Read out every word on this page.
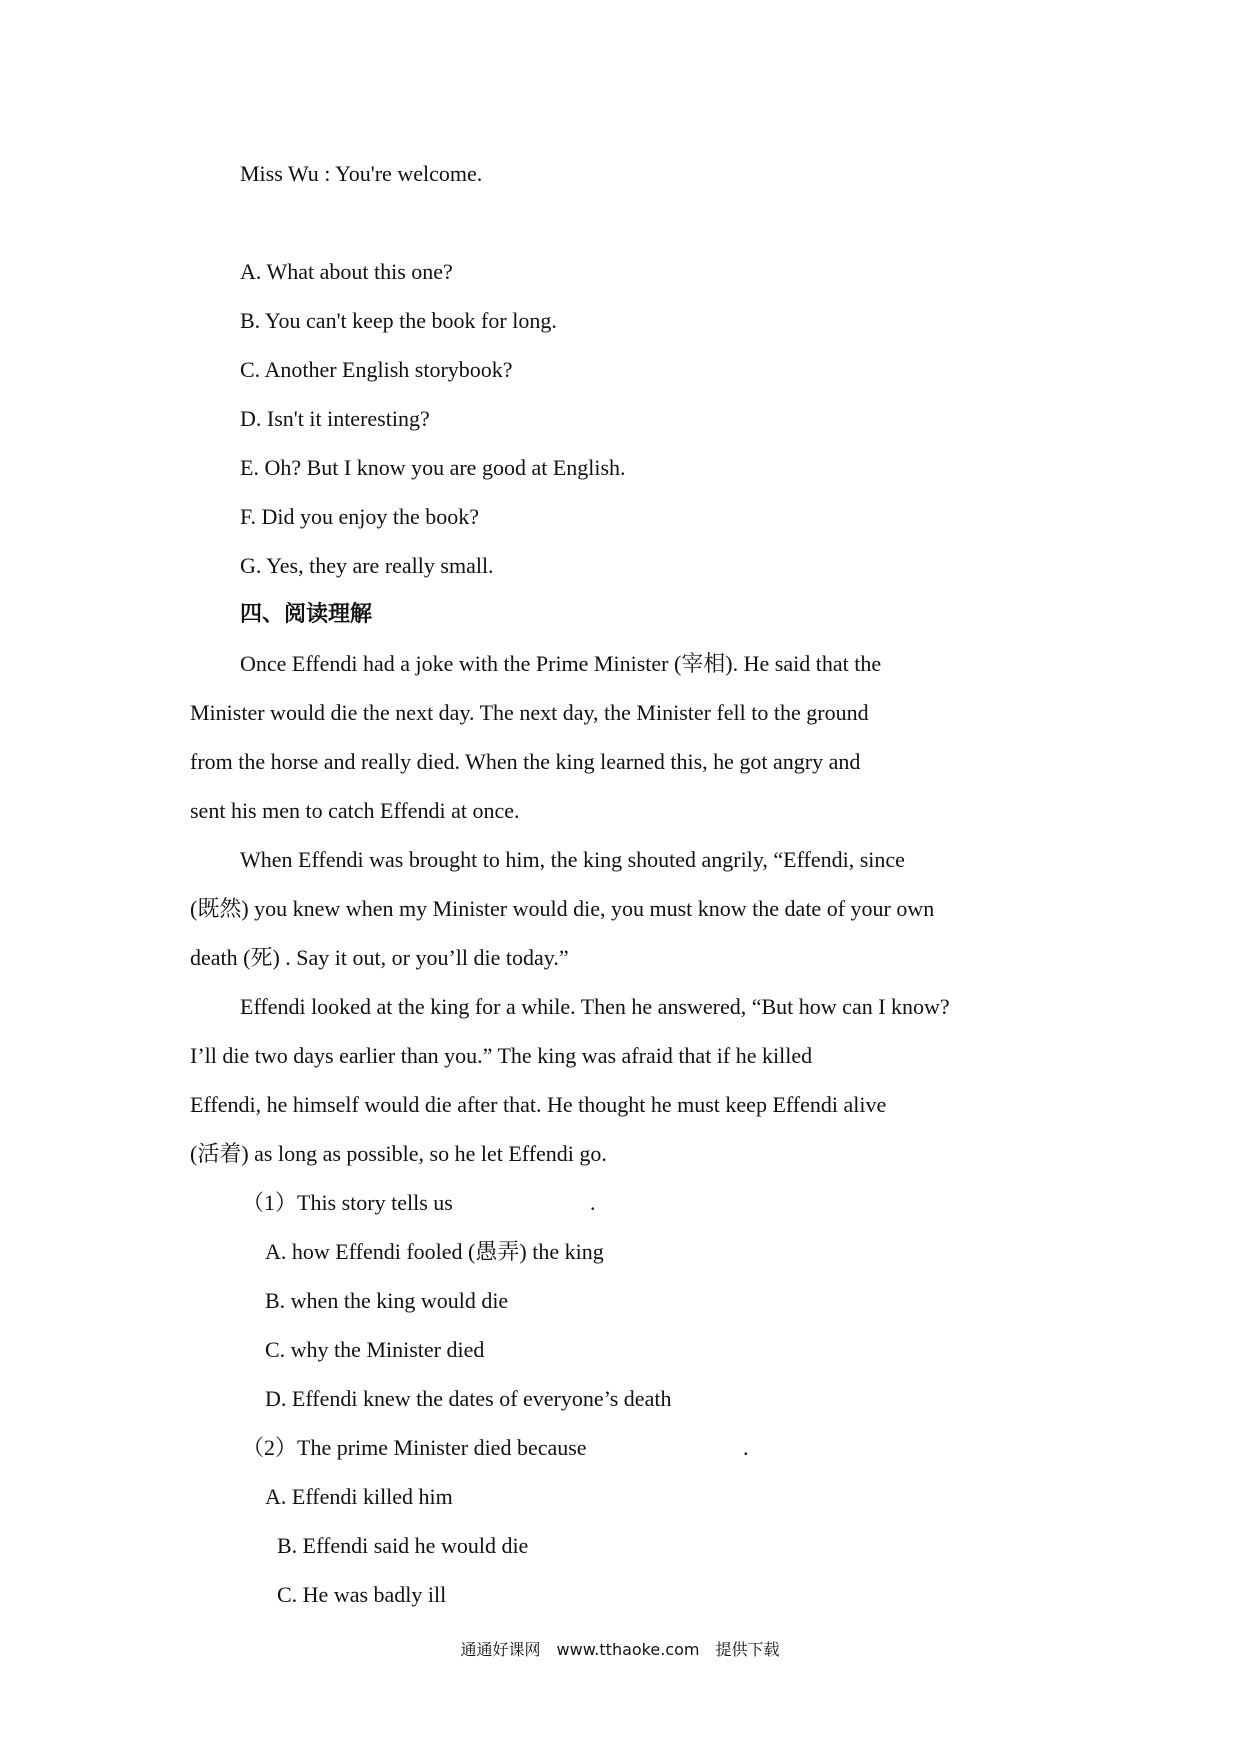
Miss Wu : You're welcome.
A. What about this one?
B. You can't keep the book for long.
C. Another English storybook?
D. Isn't it interesting?
E. Oh? But I know you are good at English.
F. Did you enjoy the book?
G. Yes, they are really small.
四、阅读理解
Once Effendi had a joke with the Prime Minister (宰相). He said that the
Minister would die the next day. The next day, the Minister fell to the ground
from the horse and really died. When the king learned this, he got angry and
sent his men to catch Effendi at once.
When Effendi was brought to him, the king shouted angrily, “Effendi, since
(既然) you knew when my Minister would die, you must know the date of your own
death (死) . Say it out, or you’ll die today.”
Effendi looked at the king for a while. Then he answered, “But how can I know?
I’ll die two days earlier than you.” The king was afraid that if he killed
Effendi, he himself would die after that. He thought he must keep Effendi alive
(活着) as long as possible, so he let Effendi go.
（1）This story tells us	.
A. how Effendi fooled (愚弄) the king
B. when the king would die
C. why the Minister died
D. Effendi knew the dates of everyone’s death
（2）The prime Minister died because	.
A. Effendi killed him
B. Effendi said he would die
C. He was badly ill
通通好课网　www.tthaoke.com　提供下载
